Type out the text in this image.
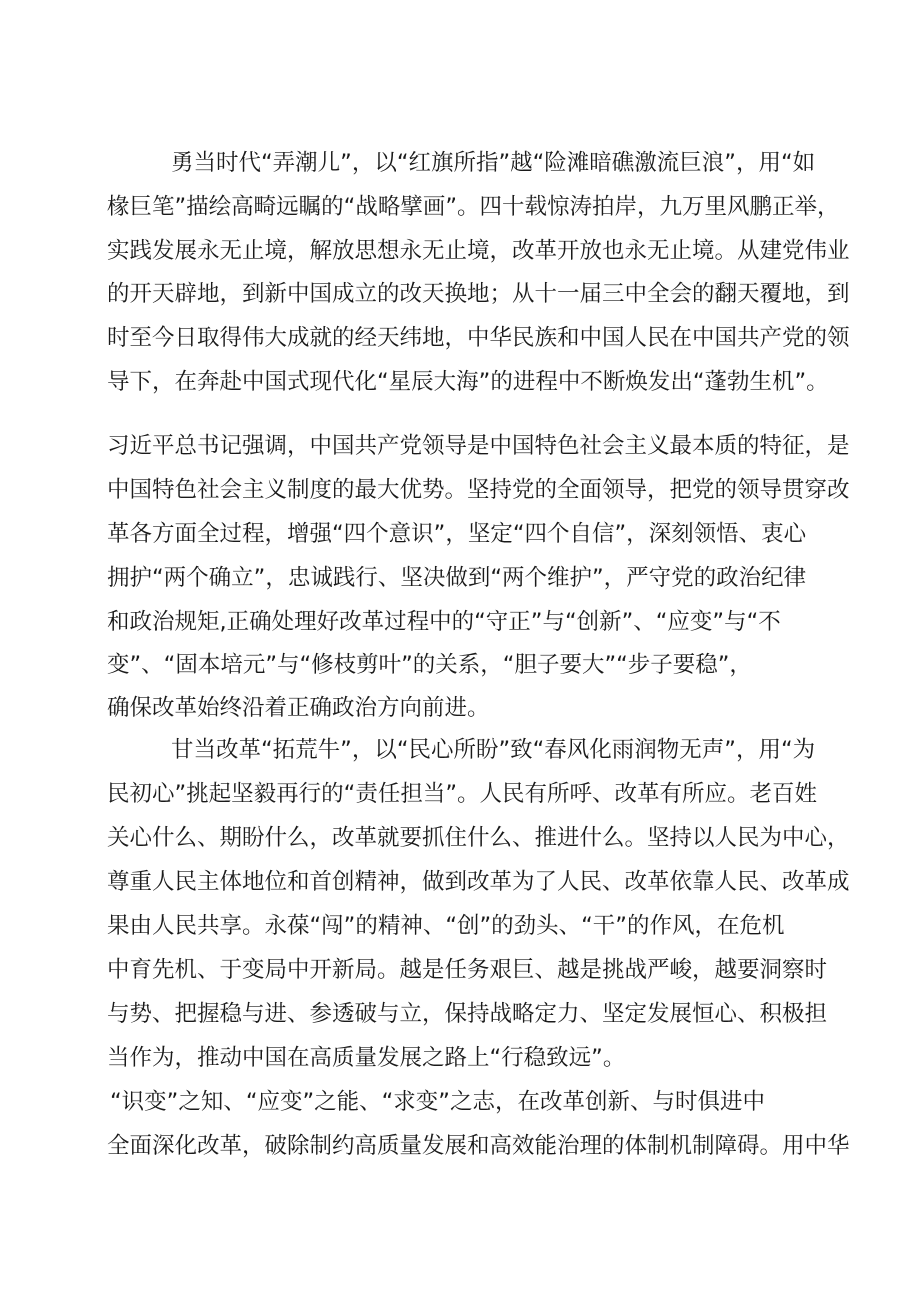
勇当时代“弄潮儿”，以“红旗所指”越“险滩暗礁激流巨浪”，用“如
椽巨笔”描绘高畸远瞩的“战略擘画”。四十载惊涛拍岸，九万里风鹏正举，
实践发展永无止境，解放思想永无止境，改革开放也永无止境。从建党伟业
的开天辟地，到新中国成立的改天换地；从十一届三中全会的翻天覆地，到
时至今日取得伟大成就的经天纬地，中华民族和中国人民在中国共产党的领
导下，在奔赴中国式现代化“星辰大海”的进程中不断焕发出“蓬勃生机”。
习近平总书记强调，中国共产党领导是中国特色社会主义最本质的特征，是
中国特色社会主义制度的最大优势。坚持党的全面领导，把党的领导贯穿改
革各方面全过程，增强“四个意识”，坚定“四个自信”，深刻领悟、衷心
拥护“两个确立”，忠诚践行、坚决做到“两个维护”，严守党的政治纪律
和政治规矩,正确处理好改革过程中的“守正”与“创新”、“应变”与“不
变”、“固本培元”与“修枝剪叶”的关系，“胆子要大”“步子要稳”，
确保改革始终沿着正确政治方向前进。
甘当改革“拓荒牛”，以“民心所盼”致“春风化雨润物无声”，用“为
民初心”挑起坚毅再行的“责任担当”。人民有所呼、改革有所应。老百姓
关心什么、期盼什么，改革就要抓住什么、推进什么。坚持以人民为中心，
尊重人民主体地位和首创精神，做到改革为了人民、改革依靠人民、改革成
果由人民共享。永葆“闯”的精神、“创”的劲头、“干”的作风，在危机
中育先机、于变局中开新局。越是任务艰巨、越是挑战严峻，越要洞察时
与势、把握稳与进、参透破与立，保持战略定力、坚定发展恒心、积极担
当作为，推动中国在高质量发展之路上“行稳致远”。
“识变”之知、“应变”之能、“求变”之志，在改革创新、与时俱进中
全面深化改革，破除制约高质量发展和高效能治理的体制机制障碍。用中华
